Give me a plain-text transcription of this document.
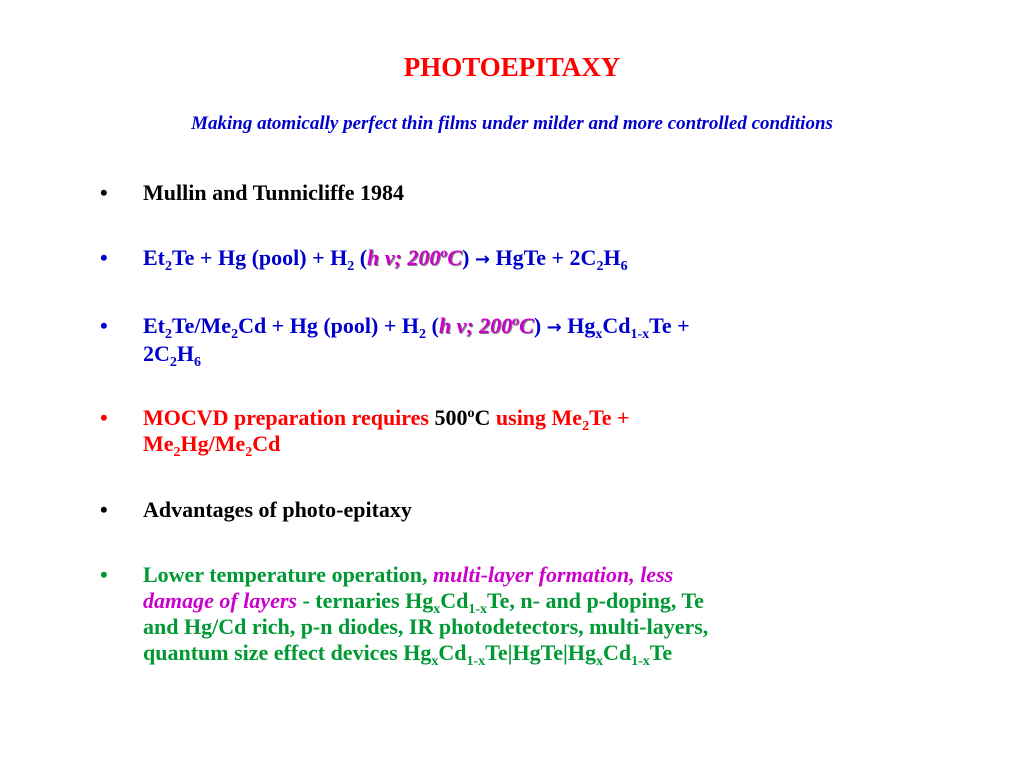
PHOTOEPITAXY

Making atomically perfect thin films under milder and more controlled conditions

• Mullin and Tunnicliffe 1984
• $Et_2Te + Hg$ (pool) + $H_2$ (h ν; $200^oC$) → HgTe + $2C_2H_6$
• $Et_2Te/Me_2Cd + Hg$ (pool) + $H_2$ (h ν; $200^oC) \to Hg_xCd_{1-x}Te$ +
$2C_2H_6$
• MOCVD preparation requires 500$^o$C using $Me_2Te$ +
$Me_2Hg/Me_2Cd$
• Advantages of photo-epitaxy
• Lower temperature operation, multi-layer formation, less
damage of layers - ternaries $Hg_xCd_{1-x}Te$, n- and p-doping, Te
and Hg/Cd rich, p-n diodes, IR photodetectors, multi-layers,
quantum size effect devices $Hg_xCd_{1-x}Te|HgTe|Hg_xCd_{1-x}Te$
